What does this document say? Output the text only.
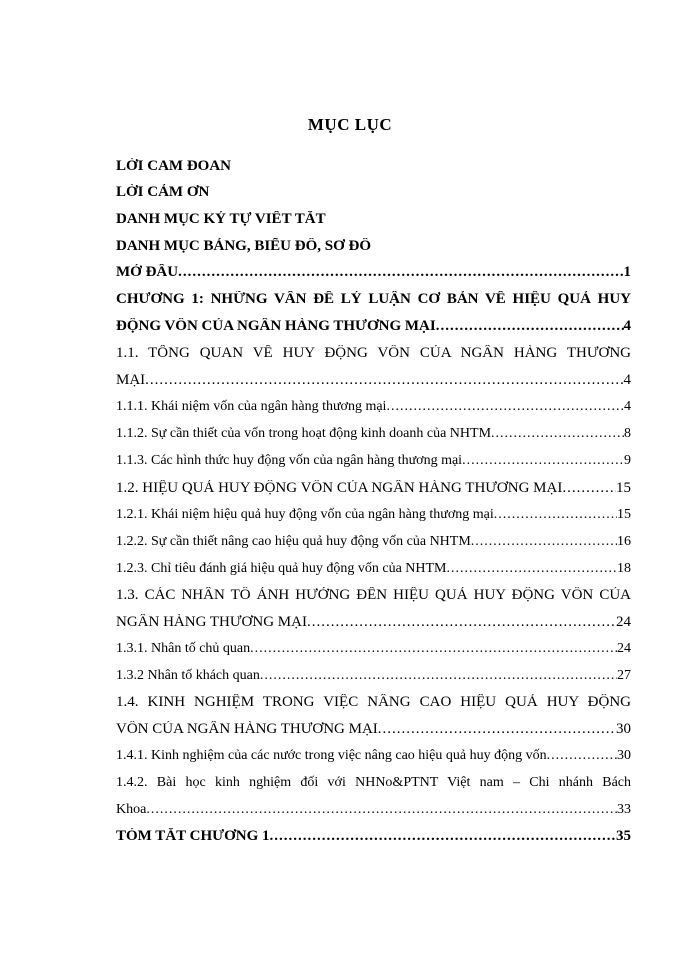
MỤC LỤC
LỜI CAM ĐOAN
LỜI CẢM ƠN
DANH MỤC KÝ TỰ VIẾT TẮT
DANH MỤC BẢNG, BIỂU ĐỒ, SƠ ĐỒ
MỞ ĐẦU .....	1
CHƯƠNG 1: NHỮNG VẤN ĐỀ LÝ LUẬN CƠ BẢN VỀ HIỆU QUẢ HUY
ĐỘNG VỐN CỦA NGÂN HÀNG THƯƠNG MẠI .....	4
1.1. TỔNG QUAN VỀ HUY ĐỘNG VỐN CỦA NGÂN HÀNG THƯƠNG
MẠI .....	4
1.1.1. Khái niệm vốn của ngân hàng thương mại .....	4
1.1.2. Sự cần thiết của vốn trong hoạt động kinh doanh của NHTM .....	8
1.1.3. Các hình thức huy động vốn của ngân hàng thương mại .....	9
1.2. HIỆU QUẢ HUY ĐỘNG VỐN CỦA NGÂN HÀNG THƯƠNG MẠI .....	15
1.2.1. Khái niệm hiệu quả huy động vốn của ngân hàng thương mại .....	15
1.2.2. Sự cần thiết nâng cao hiệu quả huy động vốn của NHTM .....	16
1.2.3. Chỉ tiêu đánh giá hiệu quả huy động vốn của NHTM .....	18
1.3. CÁC NHÂN TỐ ẢNH HƯỞNG ĐẾN HIỆU QUẢ HUY ĐỘNG VỐN CỦA
NGÂN HÀNG THƯƠNG MẠI .....	24
1.3.1. Nhân tố chủ quan .....	24
1.3.2 Nhân tố khách quan .....	27
1.4. KINH NGHIỆM TRONG VIỆC NÂNG CAO HIỆU QUẢ HUY ĐỘNG
VỐN CỦA NGÂN HÀNG THƯƠNG MẠI .....	30
1.4.1. Kinh nghiệm của các nước trong việc nâng cao hiệu quả huy động vốn .....	30
1.4.2. Bài học kinh nghiệm đối với NHNo&PTNT Việt nam – Chi nhánh Bách
Khoa .....	33
TÓM TẮT CHƯƠNG 1 .....	35
